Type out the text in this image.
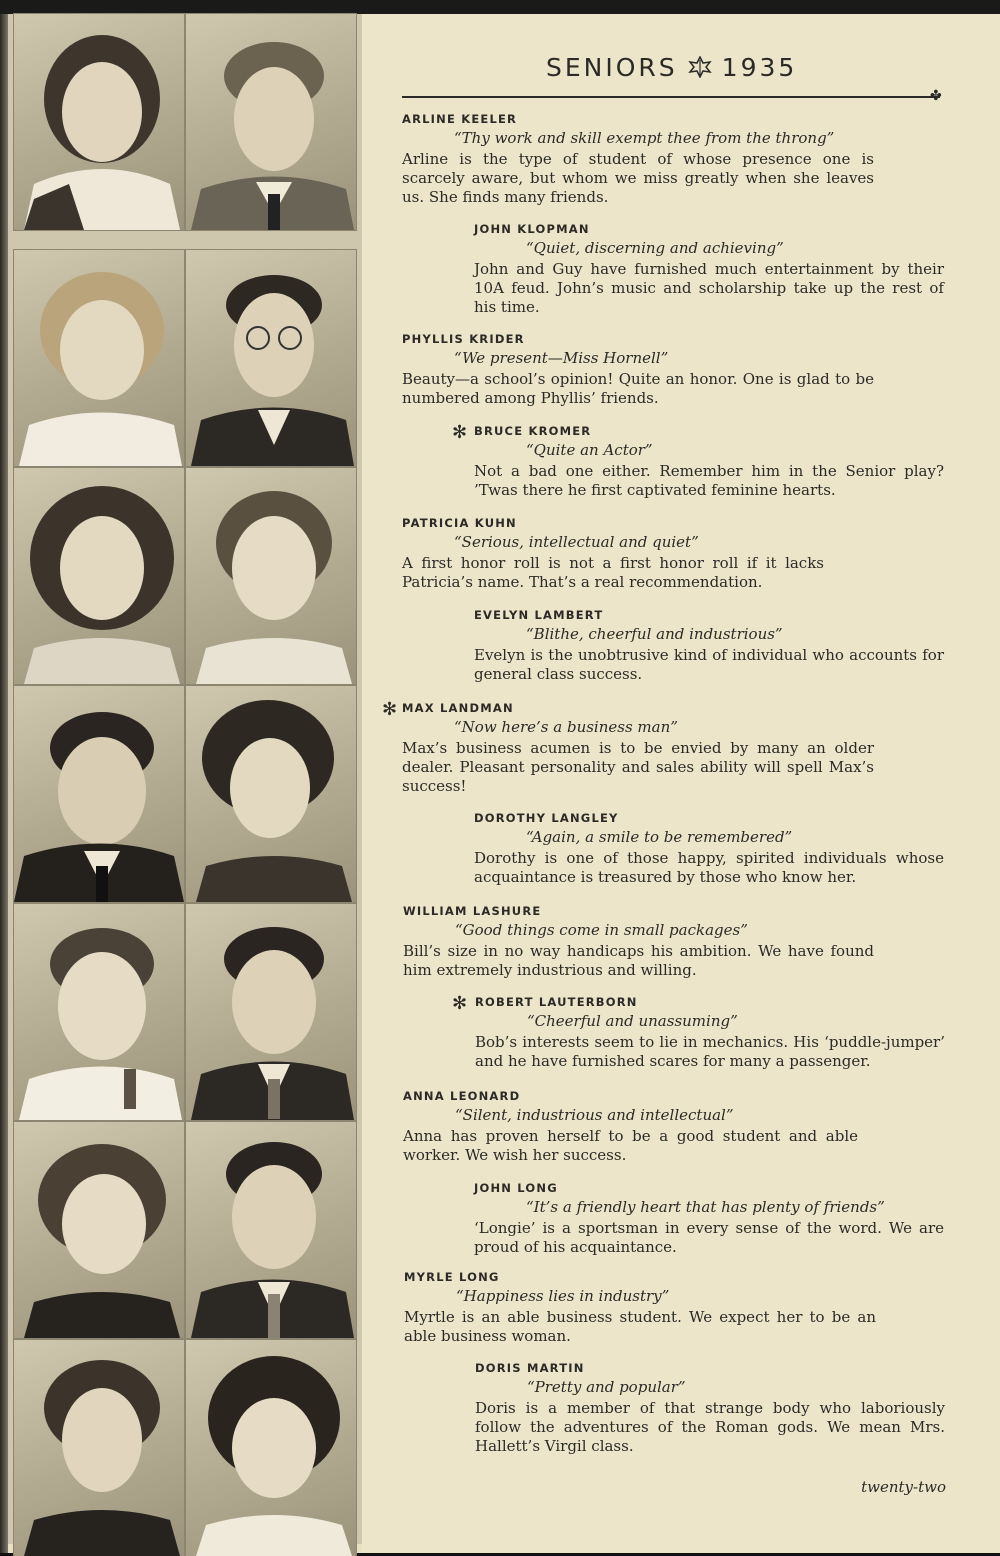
SENIORS 1935
✤
ARLINE KEELER
“Thy work and skill exempt thee from the throng”
Arline is the type of student of whose presence one is scarcely aware, but whom we miss greatly when she leaves us. She finds many friends.
JOHN KLOPMAN
“Quiet, discerning and achieving”
John and Guy have furnished much entertainment by their 10A feud. John’s music and scholarship take up the rest of his time.
PHYLLIS KRIDER
“We present—Miss Hornell”
Beauty—a school’s opinion! Quite an honor. One is glad to be numbered among Phyllis’ friends.
✻ BRUCE KROMER
“Quite an Actor”
Not a bad one either. Remember him in the Senior play? ’Twas there he first captivated feminine hearts.
PATRICIA KUHN
“Serious, intellectual and quiet”
A first honor roll is not a first honor roll if it lacks Patricia’s name. That’s a real recommendation.
EVELYN LAMBERT
“Blithe, cheerful and industrious”
Evelyn is the unobtrusive kind of individual who accounts for general class success.
✻ MAX LANDMAN
“Now here’s a business man”
Max’s business acumen is to be envied by many an older dealer. Pleasant personality and sales ability will spell Max’s success!
DOROTHY LANGLEY
“Again, a smile to be remembered”
Dorothy is one of those happy, spirited individuals whose acquaintance is treasured by those who know her.
WILLIAM LASHURE
“Good things come in small packages”
Bill’s size in no way handicaps his ambition. We have found him extremely industrious and willing.
✻ ROBERT LAUTERBORN
“Cheerful and unassuming”
Bob’s interests seem to lie in mechanics. His ‘puddle-jumper’ and he have furnished scares for many a passenger.
ANNA LEONARD
“Silent, industrious and intellectual”
Anna has proven herself to be a good student and able worker. We wish her success.
JOHN LONG
“It’s a friendly heart that has plenty of friends”
‘Longie’ is a sportsman in every sense of the word. We are proud of his acquaintance.
MYRLE LONG
“Happiness lies in industry”
Myrtle is an able business student. We expect her to be an able business woman.
DORIS MARTIN
“Pretty and popular”
Doris is a member of that strange body who laboriously follow the adventures of the Roman gods. We mean Mrs. Hallett’s Virgil class.
twenty-two
